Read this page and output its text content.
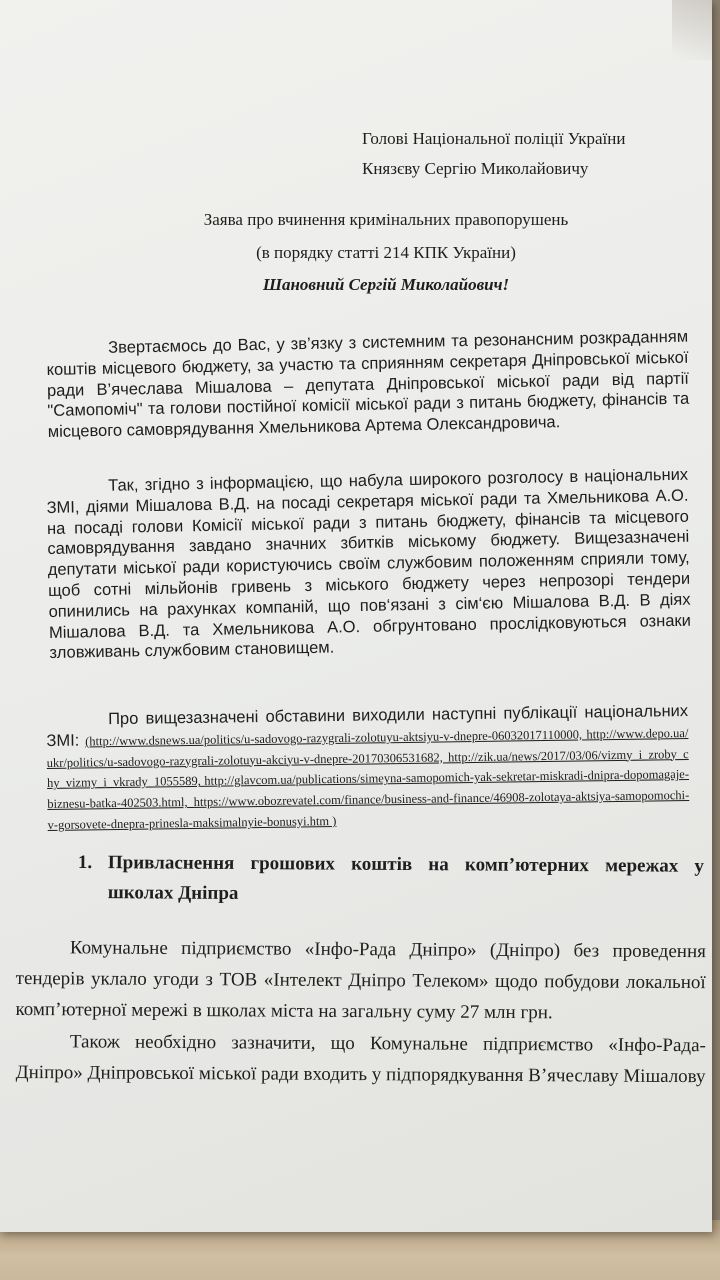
Голові Національної поліції України
Князєву Сергію Миколайовичу
Заява про вчинення кримінальних правопорушень
(в порядку статті 214 КПК України)
Шановний Сергій Миколайович!

Звертаємось до Вас, у зв’язку з системним та резонансним розкраданням коштів місцевого бюджету, за участю та сприянням секретаря Дніпровської міської ради В’ячеслава Мішалова – депутата Дніпровської міської ради від партії "Самопоміч" та голови постійної комісії міської ради з питань бюджету, фінансів та місцевого самоврядування Хмельникова Артема Олександровича.

Так, згідно з інформацією, що набула широкого розголосу в національних ЗМІ, діями Мішалова В.Д. на посаді секретаря міської ради та Хмельникова А.О. на посаді голови Комісії міської ради з питань бюджету, фінансів та місцевого самоврядування завдано значних збитків міському бюджету. Вищезазначені депутати міської ради користуючись своїм службовим положенням сприяли тому, щоб сотні мільйонів гривень з міського бюджету через непрозорі тендери опинились на рахунках компаній, що пов‘язані з сім‘єю Мішалова В.Д. В діях Мішалова В.Д. та Хмельникова А.О. обгрунтовано прослідковуються ознаки зловживань службовим становищем.

Про вищезазначені обставини виходили наступні публікації національних ЗМІ: (http://www.dsnews.ua/politics/u-sadovogo-razygrali-zolotuyu-aktsiyu-v-dnepre-06032017110000, http://www.depo.ua/ukr/politics/u-sadovogo-razygrali-zolotuyu-akciyu-v-dnepre-20170306531682, http://zik.ua/news/2017/03/06/vizmy_i_zroby_chy_vizmy_i_vkrady_1055589, http://glavcom.ua/publications/simeyna-samopomich-yak-sekretar-miskradi-dnipra-dopomagaje-biznesu-batka-402503.html, https://www.obozrevatel.com/finance/business-and-finance/46908-zolotaya-aktsiya-samopomochi-v-gorsovete-dnepra-prinesla-maksimalnyie-bonusyi.htm )

1. Привласнення грошових коштів на комп’ютерних мережах у школах Дніпра

Комунальне підприємство «Інфо-Рада Дніпро» (Дніпро) без проведення тендерів уклало угоди з ТОВ «Інтелект Дніпро Телеком» щодо побудови локальної комп’ютерної мережі в школах міста на загальну суму 27 млн грн.

Також необхідно зазначити, що Комунальне підприємство «Інфо-Рада-Дніпро» Дніпровської міської ради входить у підпорядкування В’ячеславу Мішалову
